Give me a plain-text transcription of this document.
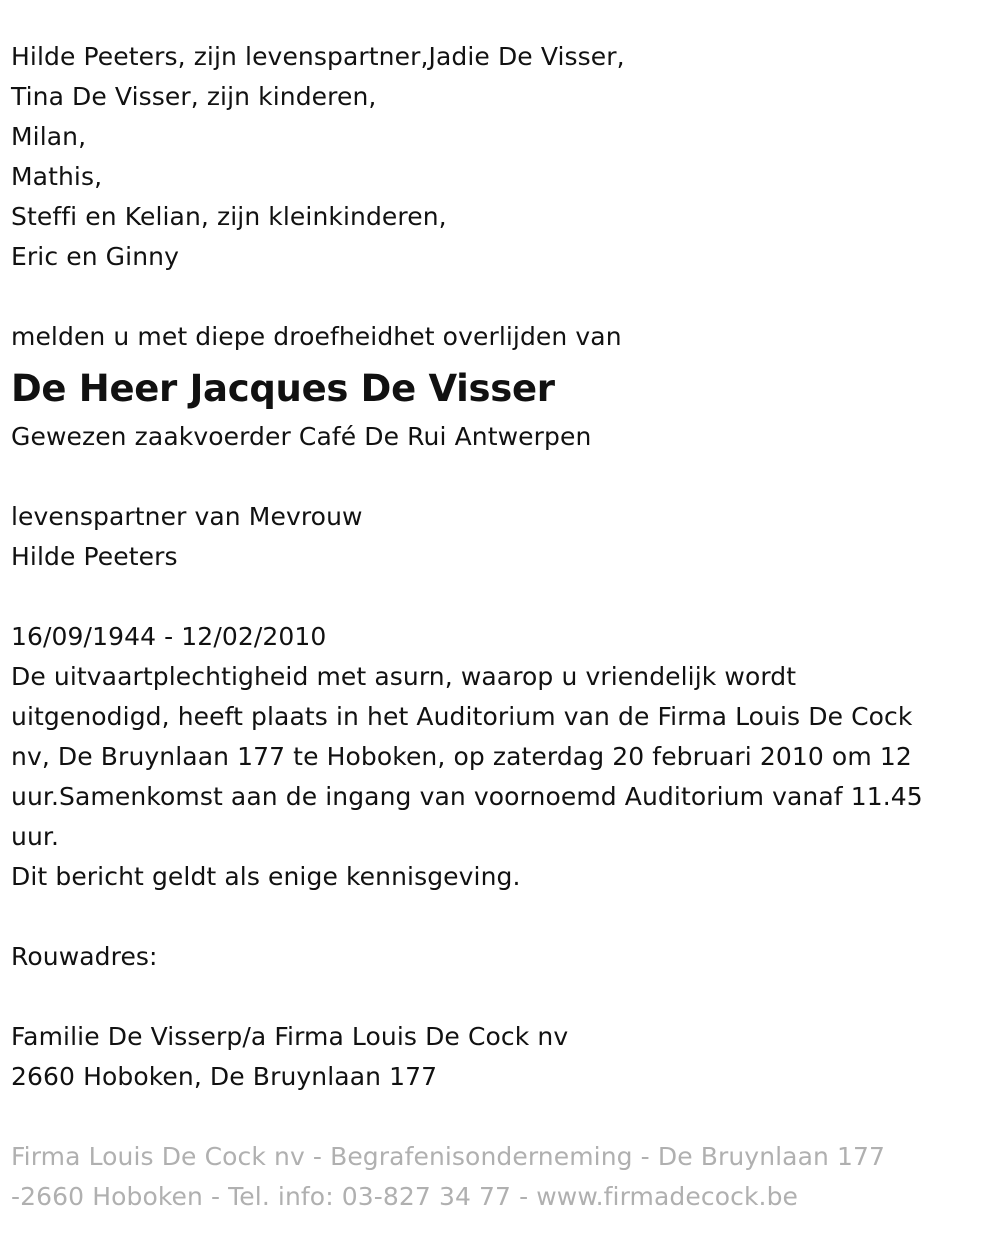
Hilde Peeters, zijn levenspartner,Jadie De Visser,
Tina De Visser, zijn kinderen,
Milan,
Mathis,
Steffi en Kelian, zijn kleinkinderen,
Eric en Ginny
melden u met diepe droefheidhet overlijden van
De Heer Jacques De Visser
Gewezen zaakvoerder Café De Rui Antwerpen
levenspartner van Mevrouw
Hilde Peeters
16/09/1944 - 12/02/2010
De uitvaartplechtigheid met asurn, waarop u vriendelijk wordt
uitgenodigd, heeft plaats in het Auditorium van de Firma Louis De Cock
nv, De Bruynlaan 177 te Hoboken, op zaterdag 20 februari 2010 om 12
uur.Samenkomst aan de ingang van voornoemd Auditorium vanaf 11.45
uur.
Dit bericht geldt als enige kennisgeving.
Rouwadres:
Familie De Visserp/a Firma Louis De Cock nv
2660 Hoboken, De Bruynlaan 177
Firma Louis De Cock nv - Begrafenisonderneming - De Bruynlaan 177
-2660 Hoboken - Tel. info: 03-827 34 77 - www.firmadecock.be
